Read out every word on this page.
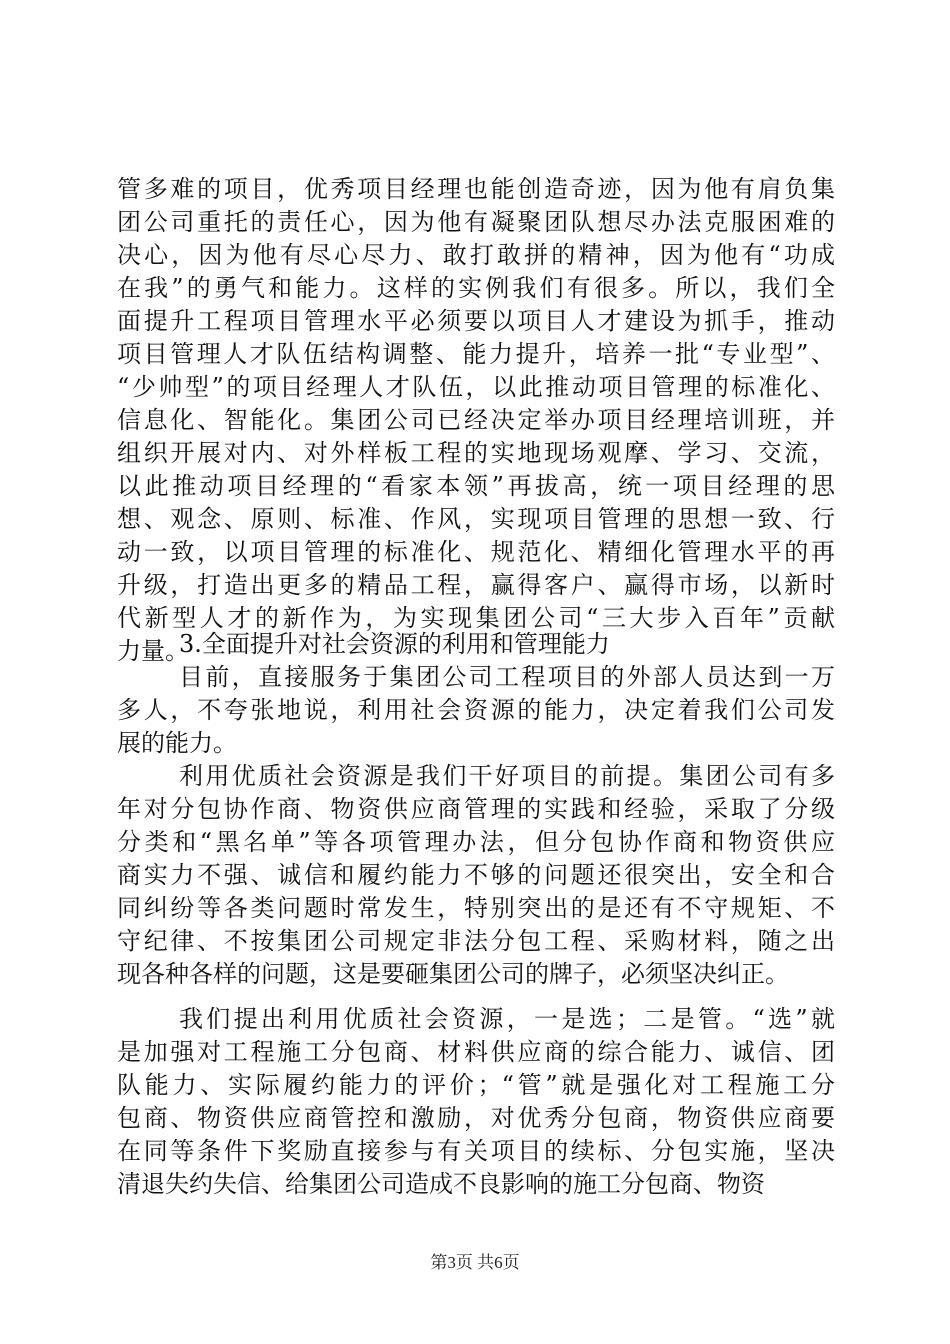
管多难的项目，优秀项目经理也能创造奇迹，因为他有肩负集
团公司重托的责任心，因为他有凝聚团队想尽办法克服困难的
决心，因为他有尽心尽力、敢打敢拼的精神，因为他有“功成
在我”的勇气和能力。这样的实例我们有很多。所以，我们全
面提升工程项目管理水平必须要以项目人才建设为抓手，推动
项目管理人才队伍结构调整、能力提升，培养一批“专业型”、
“少帅型”的项目经理人才队伍，以此推动项目管理的标准化、
信息化、智能化。集团公司已经决定举办项目经理培训班，并
组织开展对内、对外样板工程的实地现场观摩、学习、交流，
以此推动项目经理的“看家本领”再拔高，统一项目经理的思
想、观念、原则、标准、作风，实现项目管理的思想一致、行
动一致，以项目管理的标准化、规范化、精细化管理水平的再
升级，打造出更多的精品工程，赢得客户、赢得市场，以新时
代新型人才的新作为，为实现集团公司“三大步入百年”贡献
力量。
3.全面提升对社会资源的利用和管理能力
目前，直接服务于集团公司工程项目的外部人员达到一万
多人，不夸张地说，利用社会资源的能力，决定着我们公司发
展的能力。
利用优质社会资源是我们干好项目的前提。集团公司有多
年对分包协作商、物资供应商管理的实践和经验，采取了分级
分类和“黑名单”等各项管理办法，但分包协作商和物资供应
商实力不强、诚信和履约能力不够的问题还很突出，安全和合
同纠纷等各类问题时常发生，特别突出的是还有不守规矩、不
守纪律、不按集团公司规定非法分包工程、采购材料，随之出
现各种各样的问题，这是要砸集团公司的牌子，必须坚决纠正。
我们提出利用优质社会资源，一是选；二是管。“选”就
是加强对工程施工分包商、材料供应商的综合能力、诚信、团
队能力、实际履约能力的评价；“管”就是强化对工程施工分
包商、物资供应商管控和激励，对优秀分包商，物资供应商要
在同等条件下奖励直接参与有关项目的续标、分包实施，坚决
清退失约失信、给集团公司造成不良影响的施工分包商、物资
第3页 共6页
